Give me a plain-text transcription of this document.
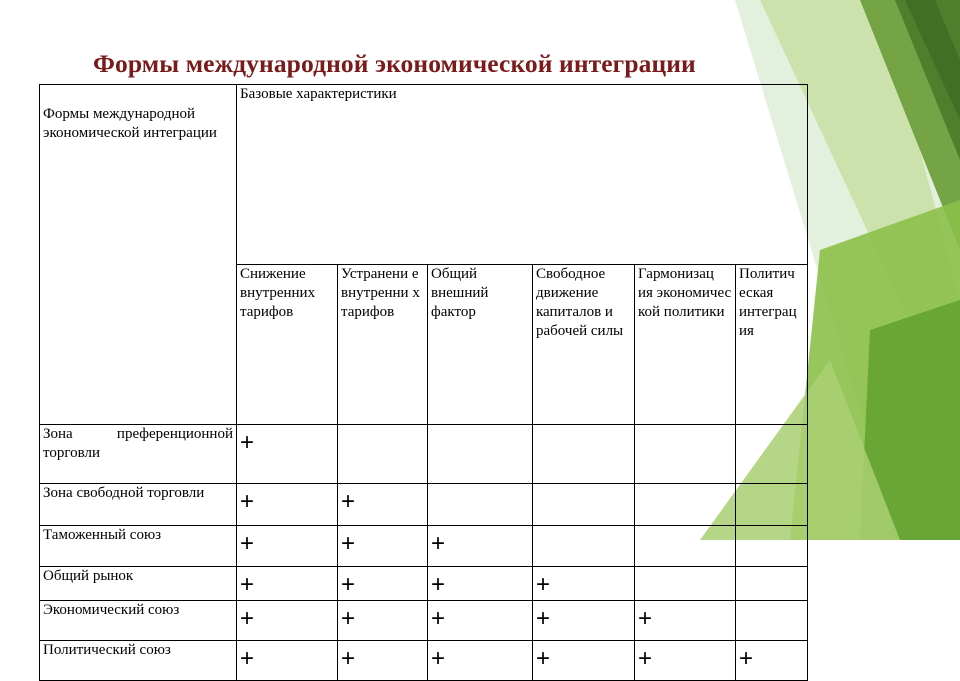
Формы международной экономической интеграции
Формы международной экономической интеграции	Базовые характеристики					
	Снижение внутренних тарифов	Устранени е внутренни х тарифов	Общий внешний фактор	Свободное движение капиталов и рабочей силы	Гармонизац ия экономичес кой политики	Политич еская интеграц ия
Зона преференционной торговли	+					
Зона свободной торговли	+	+				
Таможенный союз	+	+	+			
Общий рынок	+	+	+	+		
Экономический союз	+	+	+	+	+	
Политический союз	+	+	+	+	+	+
